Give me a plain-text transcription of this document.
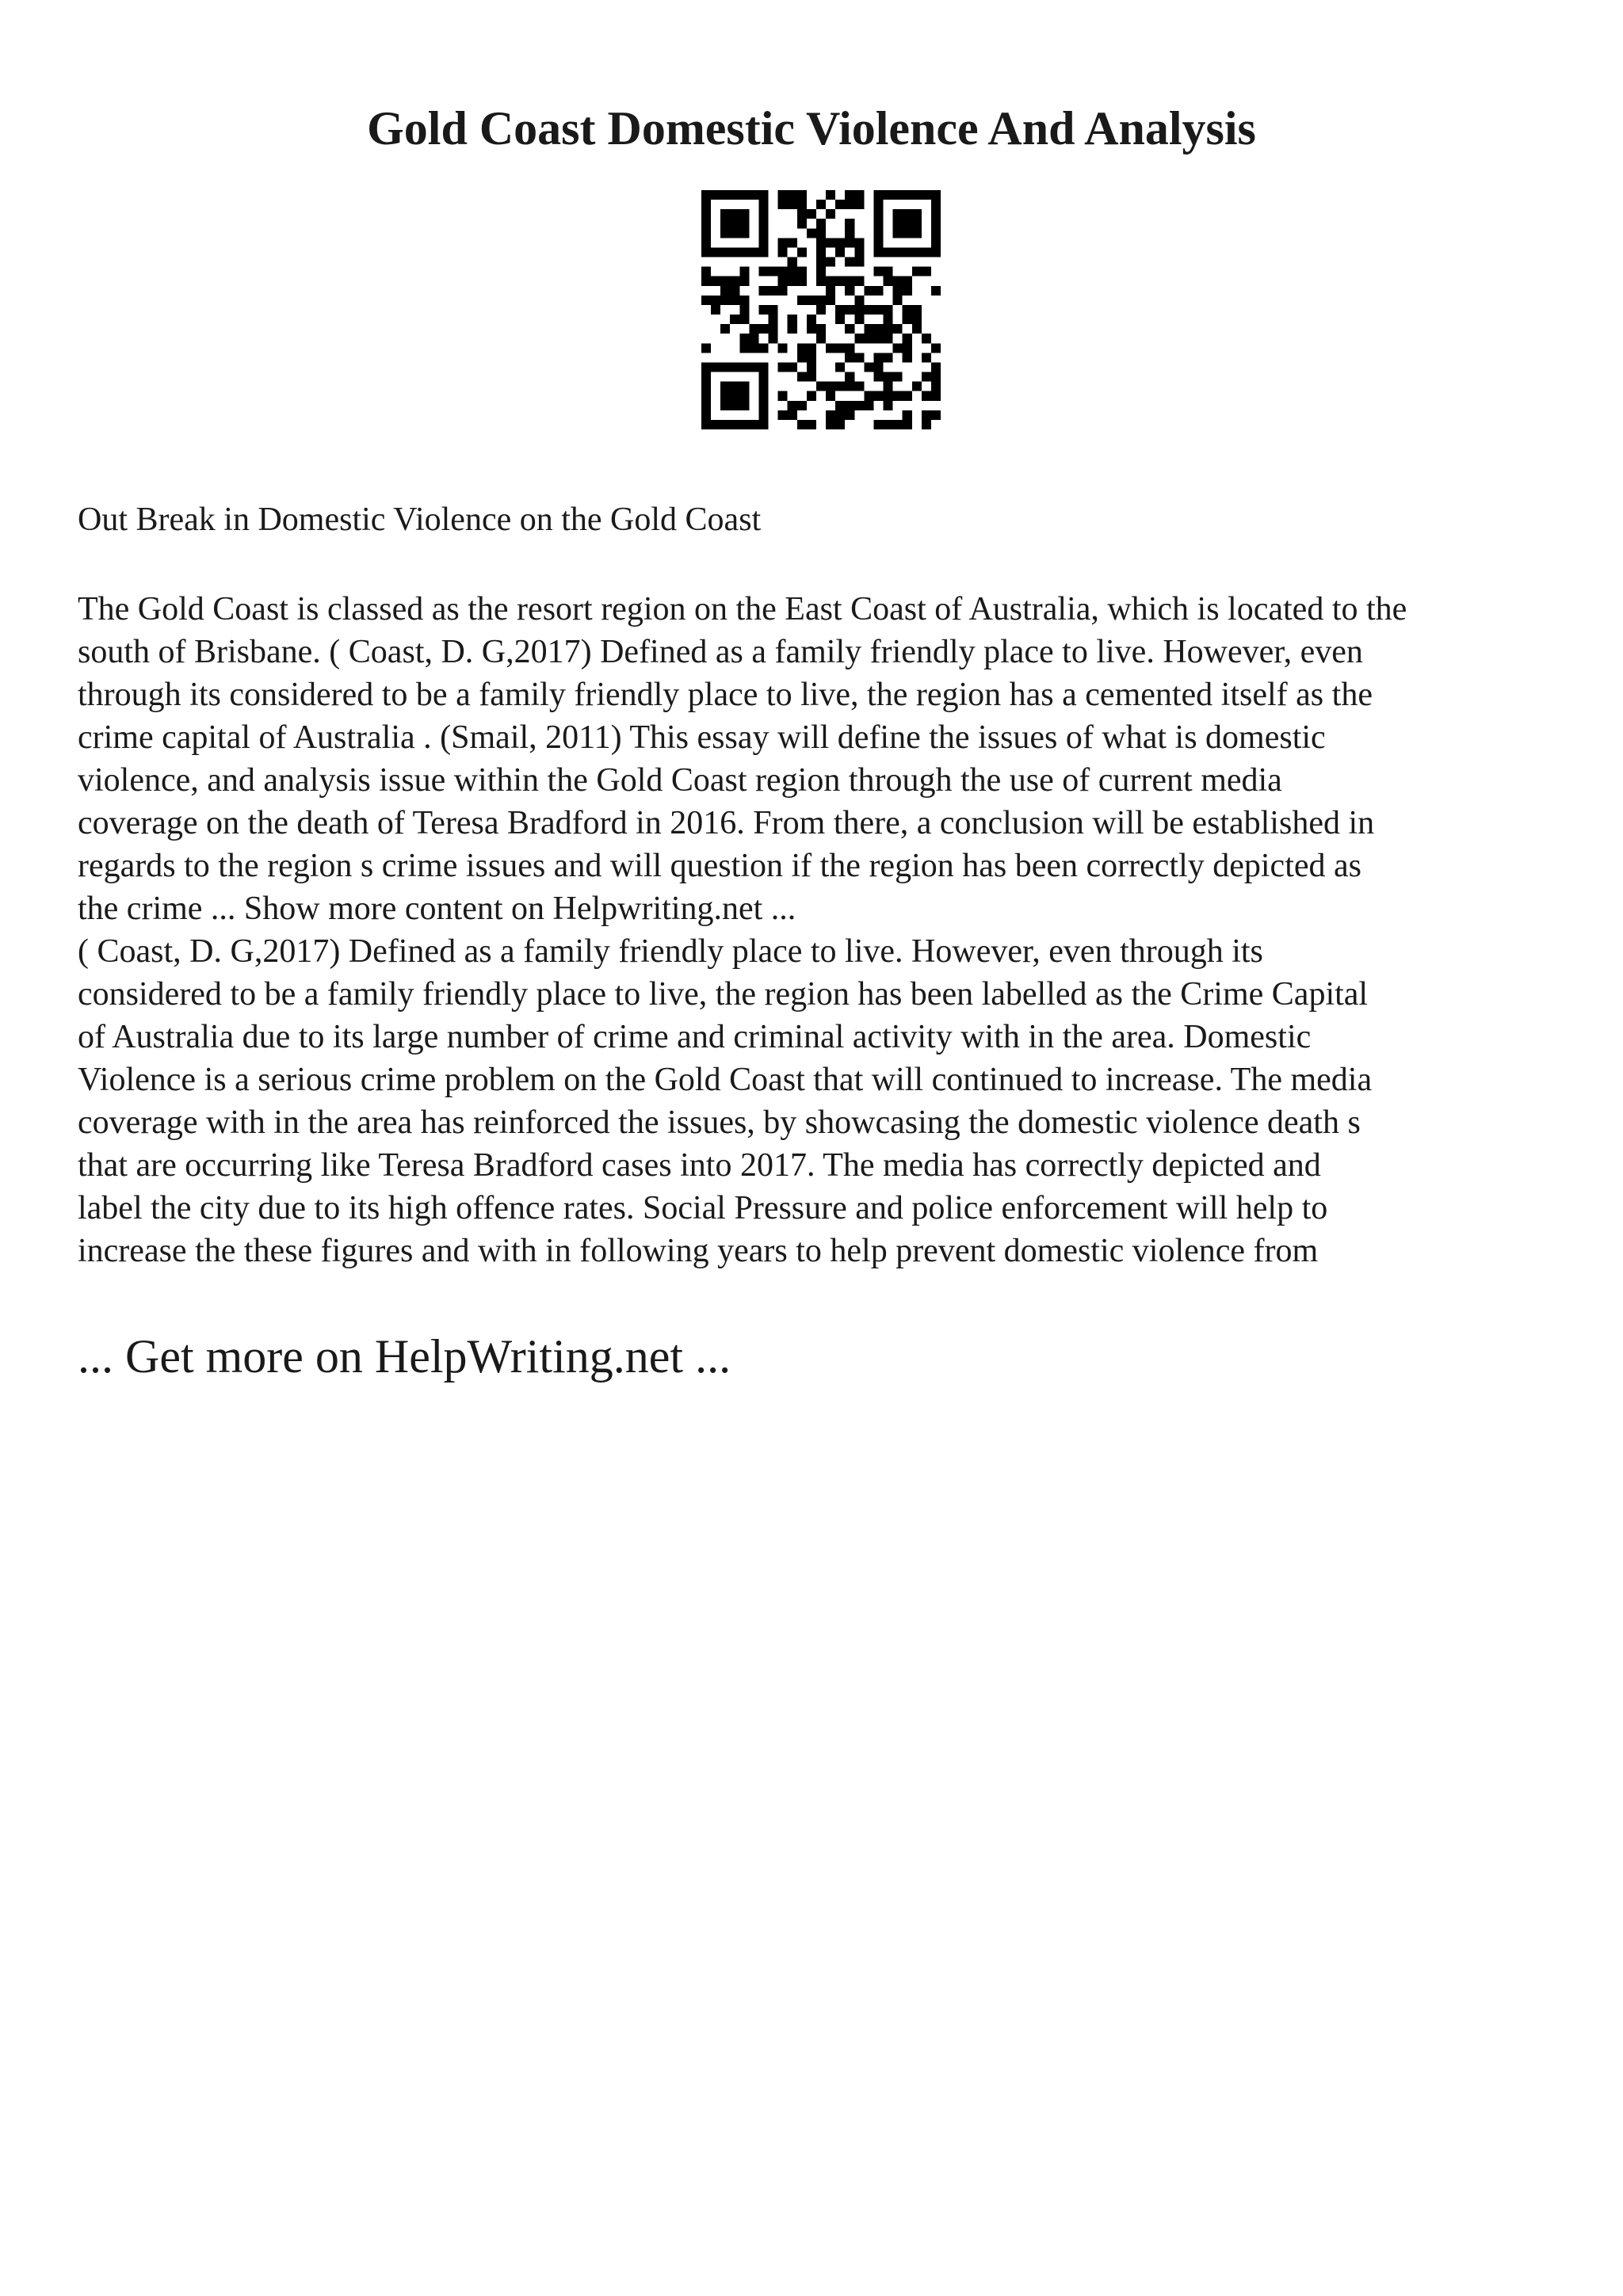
Gold Coast Domestic Violence And Analysis

Out Break in Domestic Violence on the Gold Coast

The Gold Coast is classed as the resort region on the East Coast of Australia, which is located to the

south of Brisbane. ( Coast, D. G,2017) Defined as a family friendly place to live. However, even

through its considered to be a family friendly place to live, the region has a cemented itself as the

crime capital of Australia . (Smail, 2011) This essay will define the issues of what is domestic

violence, and analysis issue within the Gold Coast region through the use of current media

coverage on the death of Teresa Bradford in 2016. From there, a conclusion will be established in

regards to the region s crime issues and will question if the region has been correctly depicted as

the crime ... Show more content on Helpwriting.net ...

( Coast, D. G,2017) Defined as a family friendly place to live. However, even through its

considered to be a family friendly place to live, the region has been labelled as the Crime Capital

of Australia due to its large number of crime and criminal activity with in the area. Domestic

Violence is a serious crime problem on the Gold Coast that will continued to increase. The media

coverage with in the area has reinforced the issues, by showcasing the domestic violence death s

that are occurring like Teresa Bradford cases into 2017. The media has correctly depicted and

label the city due to its high offence rates. Social Pressure and police enforcement will help to

increase the these figures and with in following years to help prevent domestic violence from

... Get more on HelpWriting.net ...
